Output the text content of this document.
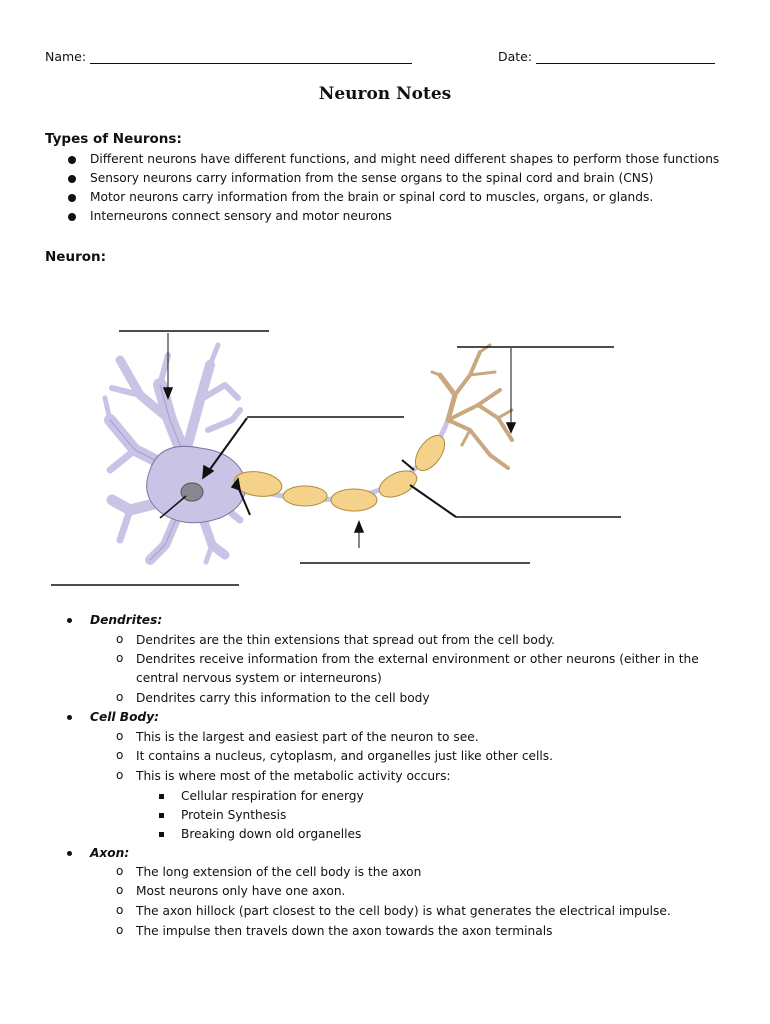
Name:	Date:
Neuron Notes
Types of Neurons:
Different neurons have different functions, and might need different shapes to perform those functions
Sensory neurons carry information from the sense organs to the spinal cord and brain (CNS)
Motor neurons carry information from the brain or spinal cord to muscles, organs, or glands.
Interneurons connect sensory and motor neurons
Neuron:
Dendrites:
o Dendrites are the thin extensions that spread out from the cell body.
o Dendrites receive information from the external environment or other neurons (either in the
central nervous system or interneurons)
o Dendrites carry this information to the cell body
Cell Body:
o This is the largest and easiest part of the neuron to see.
o It contains a nucleus, cytoplasm, and organelles just like other cells.
o This is where most of the metabolic activity occurs:
Cellular respiration for energy
Protein Synthesis
Breaking down old organelles
Axon:
o The long extension of the cell body is the axon
o Most neurons only have one axon.
o The axon hillock (part closest to the cell body) is what generates the electrical impulse.
o The impulse then travels down the axon towards the axon terminals
